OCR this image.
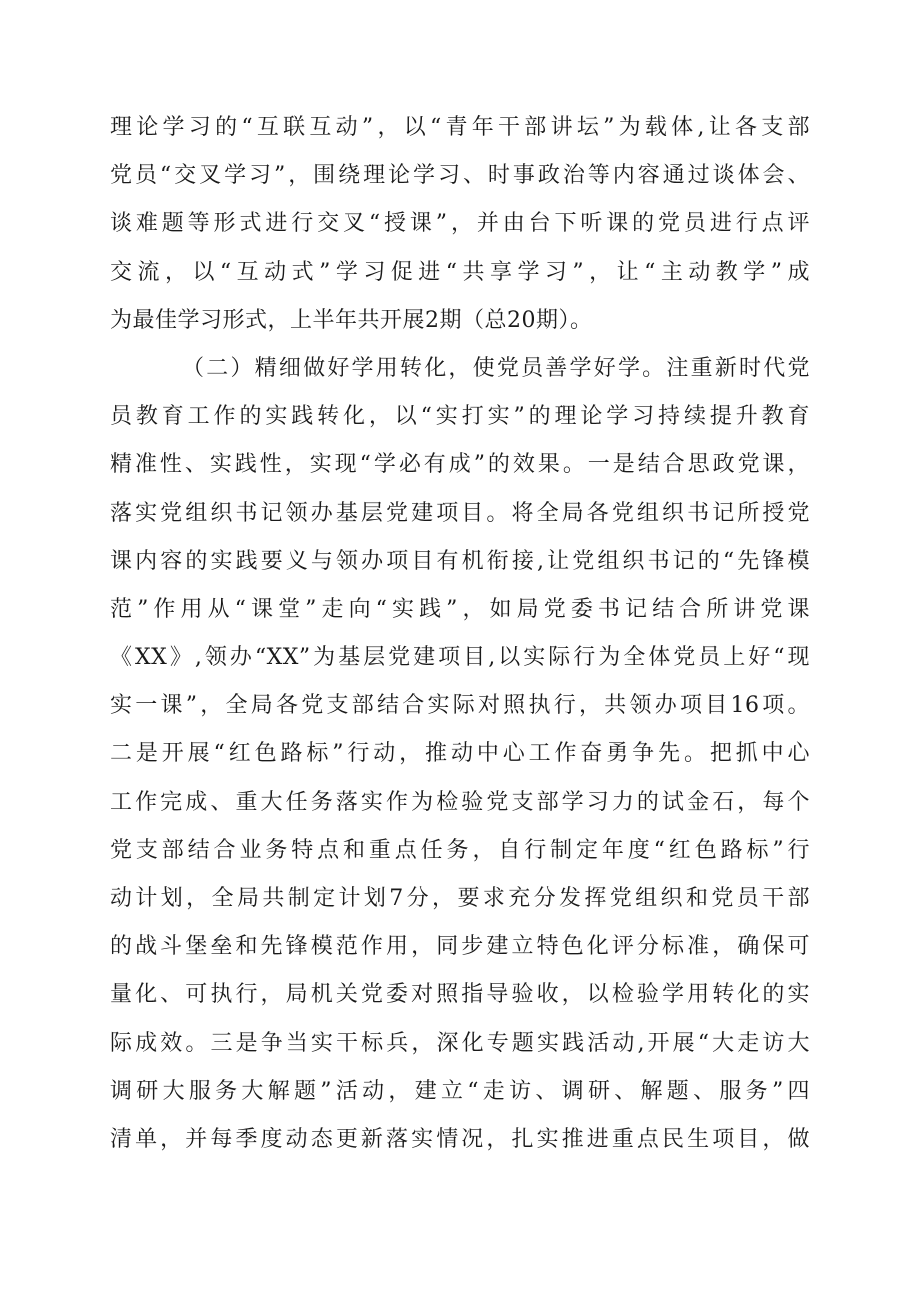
理论学习的“互联互动”，以“青年干部讲坛”为载体,让各支部
党员“交叉学习”，围绕理论学习、时事政治等内容通过谈体会、
谈难题等形式进行交叉“授课”，并由台下听课的党员进行点评
交流，以“互动式”学习促进“共享学习”，让“主动教学”成
为最佳学习形式，上半年共开展2期（总20期）。
（二）精细做好学用转化，使党员善学好学。注重新时代党
员教育工作的实践转化，以“实打实”的理论学习持续提升教育
精准性、实践性，实现“学必有成”的效果。一是结合思政党课，
落实党组织书记领办基层党建项目。将全局各党组织书记所授党
课内容的实践要义与领办项目有机衔接,让党组织书记的“先锋模
范”作用从“课堂”走向“实践”，如局党委书记结合所讲党课
《XX》,领办“XX”为基层党建项目,以实际行为全体党员上好“现
实一课”，全局各党支部结合实际对照执行，共领办项目16项。
二是开展“红色路标”行动，推动中心工作奋勇争先。把抓中心
工作完成、重大任务落实作为检验党支部学习力的试金石，每个
党支部结合业务特点和重点任务，自行制定年度“红色路标”行
动计划，全局共制定计划7分，要求充分发挥党组织和党员干部
的战斗堡垒和先锋模范作用，同步建立特色化评分标准，确保可
量化、可执行，局机关党委对照指导验收，以检验学用转化的实
际成效。三是争当实干标兵，深化专题实践活动,开展“大走访大
调研大服务大解题”活动，建立“走访、调研、解题、服务”四
清单，并每季度动态更新落实情况，扎实推进重点民生项目，做
